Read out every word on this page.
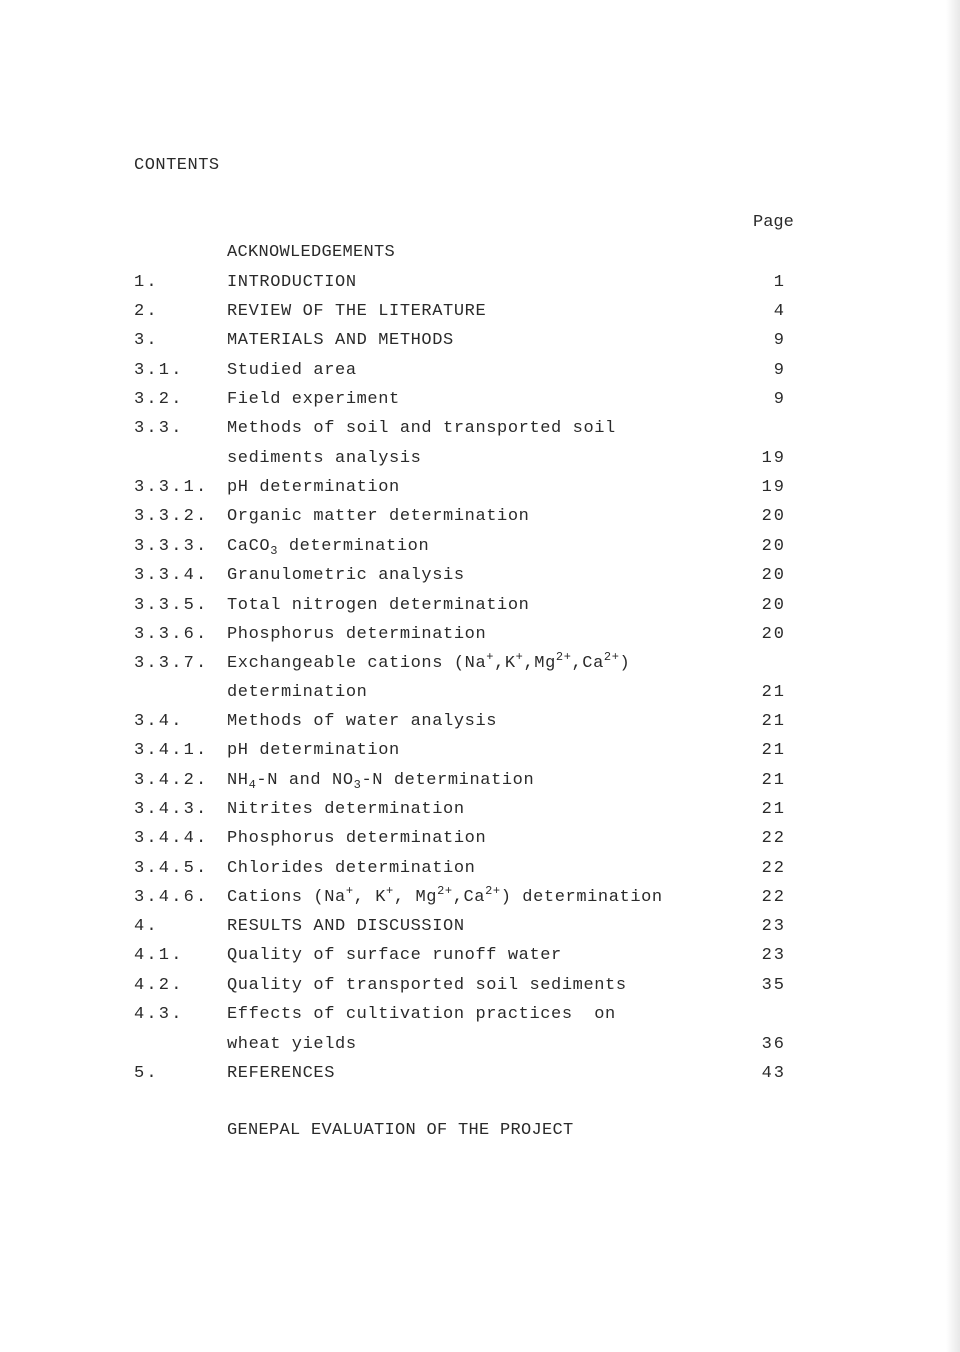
CONTENTS
Page
ACKNOWLEDGEMENTS
1.	INTRODUCTION	1
2.	REVIEW OF THE LITERATURE	4
3.	MATERIALS AND METHODS	9
3.1.	Studied area	9
3.2.	Field experiment	9
3.3.	Methods of soil and transported soil
sediments analysis	19
3.3.1. pH determination	19
3.3.2. Organic matter determination	20
3.3.3. CaCO$_3$ determination	20
3.3.4. Granulometric analysis	20
3.3.5. Total nitrogen determination	20
3.3.6. Phosphorus determination	20
3.3.7. Exchangeable cations $(Na^+,K^+,Mg^{2+},Ca^{2+})$
determination	21
3.4.	Methods of water analysis	21
3.4.1. pH determination	21
3.4.2. $NH_4-N$ and $NO_3-N$ determination	21
3.4.3. Nitrites determination	21
3.4.4. Phosphorus determination	22
3.4.5. Chlorides determination	22
3.4.6. Cations (Na+, K+, $Mg^{2+},Ca^{2+}$) determination	22
4.	RESULTS AND DISCUSSION	23
4.1.	Quality of surface runoff water	23
4.2.	Quality of transported soil sediments	35
4.3.	Effects of cultivation practices  on
wheat yields	36
5.	REFERENCES	43
GENEPAL EVALUATION OF THE PROJECT
